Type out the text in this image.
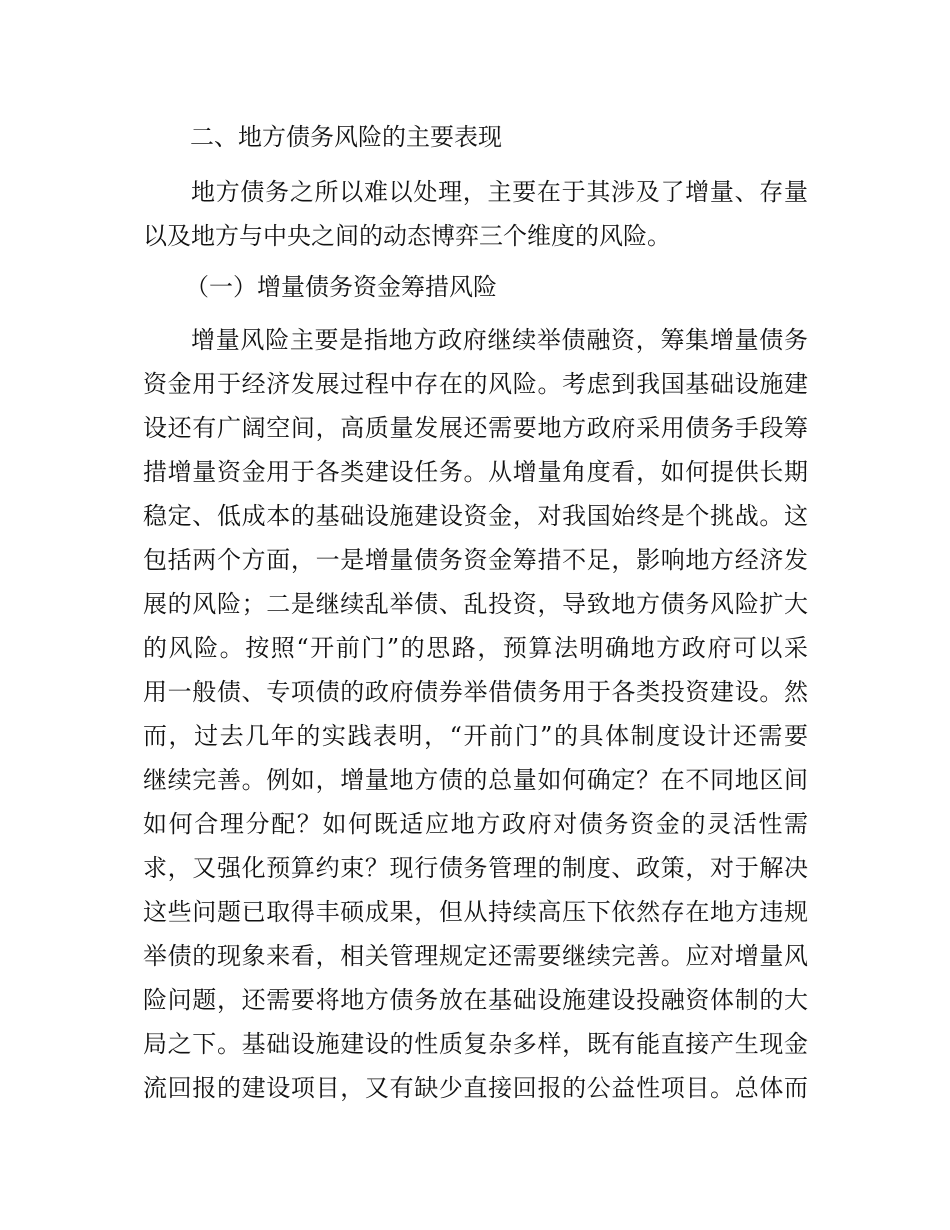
二、地方债务风险的主要表现

地方债务之所以难以处理，主要在于其涉及了增量、存量

以及地方与中央之间的动态博弈三个维度的风险。

（一）增量债务资金筹措风险

增量风险主要是指地方政府继续举债融资，筹集增量债务

资金用于经济发展过程中存在的风险。考虑到我国基础设施建

设还有广阔空间，高质量发展还需要地方政府采用债务手段筹

措增量资金用于各类建设任务。从增量角度看，如何提供长期

稳定、低成本的基础设施建设资金，对我国始终是个挑战。这

包括两个方面，一是增量债务资金筹措不足，影响地方经济发

展的风险；二是继续乱举债、乱投资，导致地方债务风险扩大

的风险。按照“开前门”的思路，预算法明确地方政府可以采

用一般债、专项债的政府债券举借债务用于各类投资建设。然

而，过去几年的实践表明，“开前门”的具体制度设计还需要

继续完善。例如，增量地方债的总量如何确定？在不同地区间

如何合理分配？如何既适应地方政府对债务资金的灵活性需

求，又强化预算约束？现行债务管理的制度、政策，对于解决

这些问题已取得丰硕成果，但从持续高压下依然存在地方违规

举债的现象来看，相关管理规定还需要继续完善。应对增量风

险问题，还需要将地方债务放在基础设施建设投融资体制的大

局之下。基础设施建设的性质复杂多样，既有能直接产生现金

流回报的建设项目，又有缺少直接回报的公益性项目。总体而
